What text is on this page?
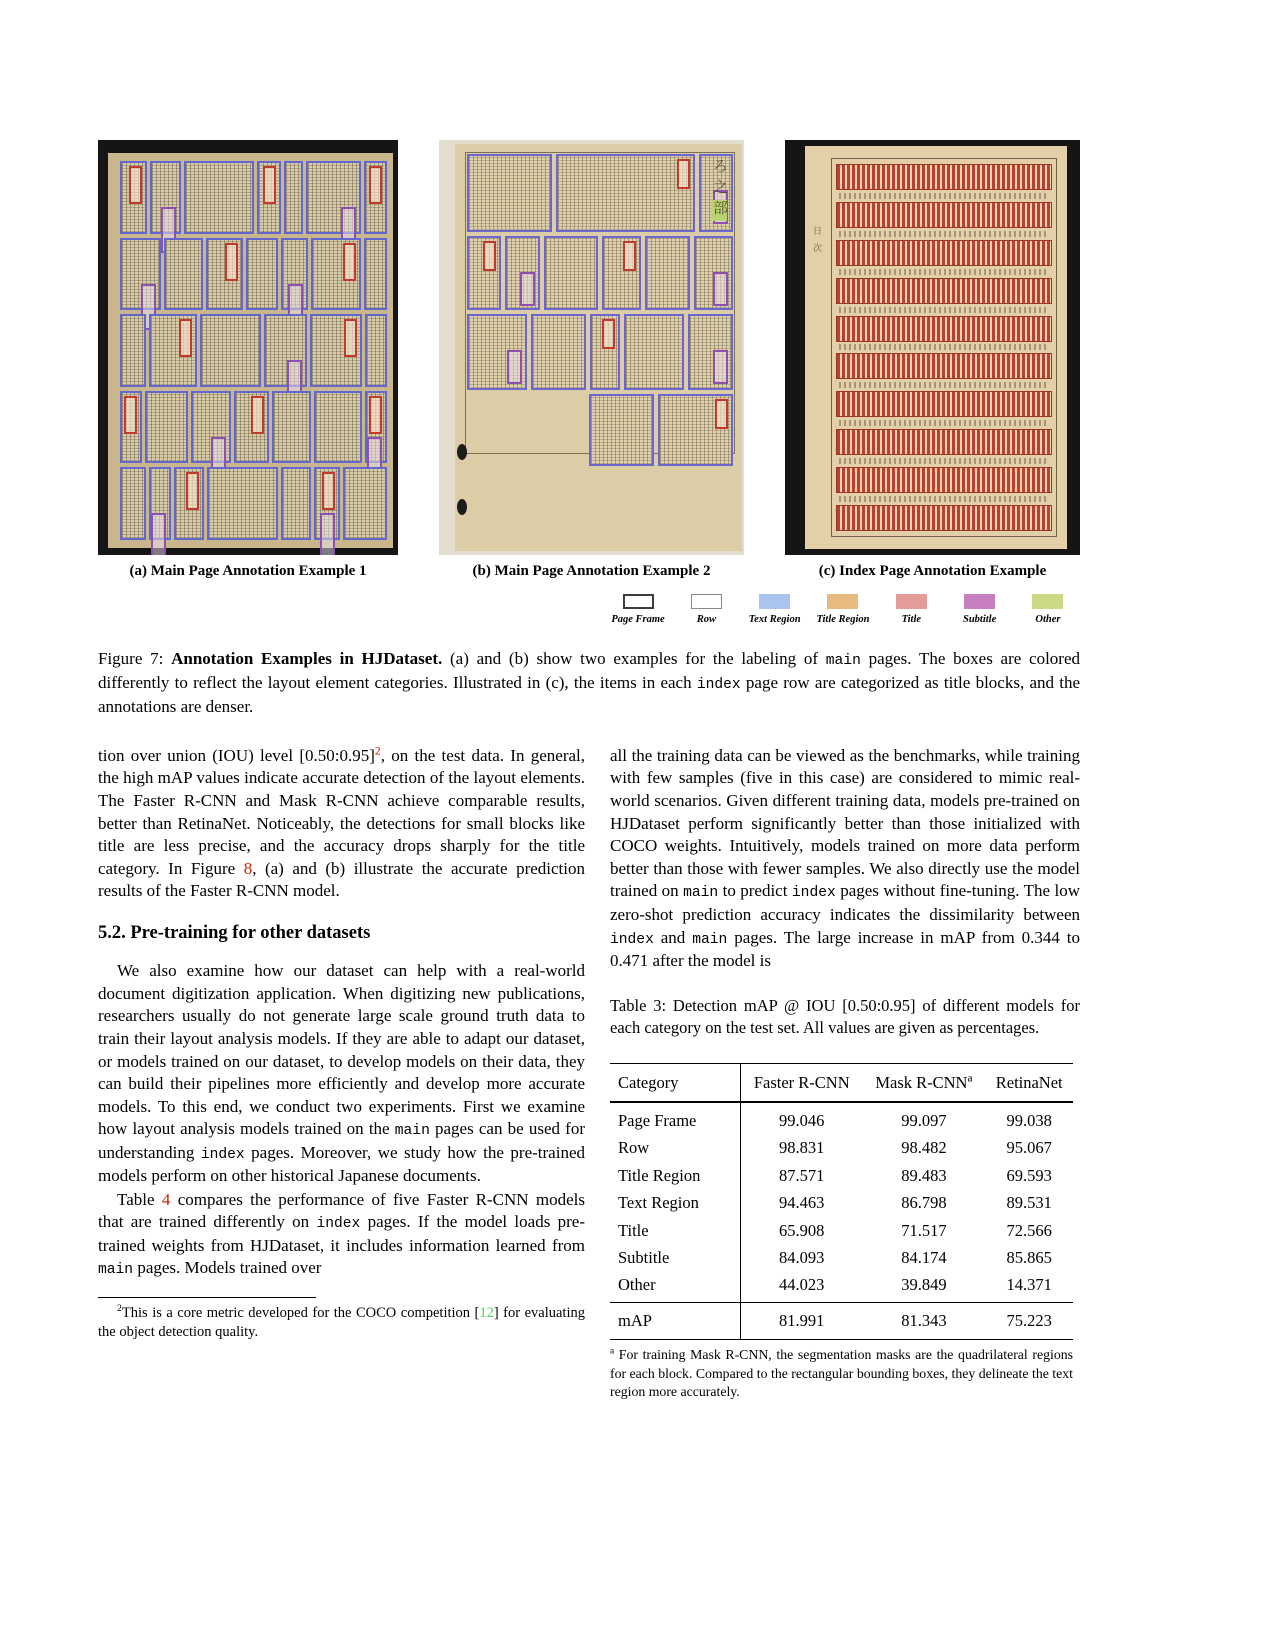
ろ之部
日次
(a) Main Page Annotation Example 1	(b) Main Page Annotation Example 2	(c) Index Page Annotation Example
Page Frame	Row	Text Region Title Region	Title	Subtitle	Other
Figure 7: Annotation Examples in HJDataset. (a) and (b) show two examples for the labeling of main pages. The boxes are colored differently to reflect the layout element categories. Illustrated in (c), the items in each index page row are categorized as title blocks, and the annotations are denser.

tion over union (IOU) level [0.50:0.95]$^2$, on the test data. In general, the high mAP values indicate accurate detection of the layout elements. The Faster R-CNN and Mask R-CNN achieve comparable results, better than RetinaNet. Noticeably, the detections for small blocks like title are less precise, and the accuracy drops sharply for the title category. In Figure 8, (a) and (b) illustrate the accurate prediction results of the Faster R-CNN model.

5.2. Pre-training for other datasets

We also examine how our dataset can help with a real-world document digitization application. When digitizing new publications, researchers usually do not generate large scale ground truth data to train their layout analysis models. If they are able to adapt our dataset, or models trained on our dataset, to develop models on their data, they can build their pipelines more efficiently and develop more accurate models. To this end, we conduct two experiments. First we examine how layout analysis models trained on the main pages can be used for understanding index pages. Moreover, we study how the pre-trained models perform on other historical Japanese documents.

Table 4 compares the performance of five Faster R-CNN models that are trained differently on index pages. If the model loads pre-trained weights from HJDataset, it includes information learned from main pages. Models trained over

$^2$This is a core metric developed for the COCO competition [12] for evaluating the object detection quality.

all the training data can be viewed as the benchmarks, while training with few samples (five in this case) are considered to mimic real-world scenarios. Given different training data, models pre-trained on HJDataset perform significantly better than those initialized with COCO weights. Intuitively, models trained on more data perform better than those with fewer samples. We also directly use the model trained on main to predict index pages without fine-tuning. The low zero-shot prediction accuracy indicates the dissimilarity between index and main pages. The large increase in mAP from 0.344 to 0.471 after the model is

Table 3: Detection mAP @ IOU [0.50:0.95] of different models for each category on the test set. All values are given as percentages.
Category	Faster R-CNN	Mask R-CNN$^a$	RetinaNet
Page Frame	99.046	99.097	99.038
Row	98.831	98.482	95.067
Title Region	87.571	89.483	69.593
Text Region	94.463	86.798	89.531
Title	65.908	71.517	72.566
Subtitle	84.093	84.174	85.865
Other	44.023	39.849	14.371
mAP	81.991	81.343	75.223
$^a$ For training Mask R-CNN, the segmentation masks are the quadrilateral regions for each block. Compared to the rectangular bounding boxes, they delineate the text region more accurately.
